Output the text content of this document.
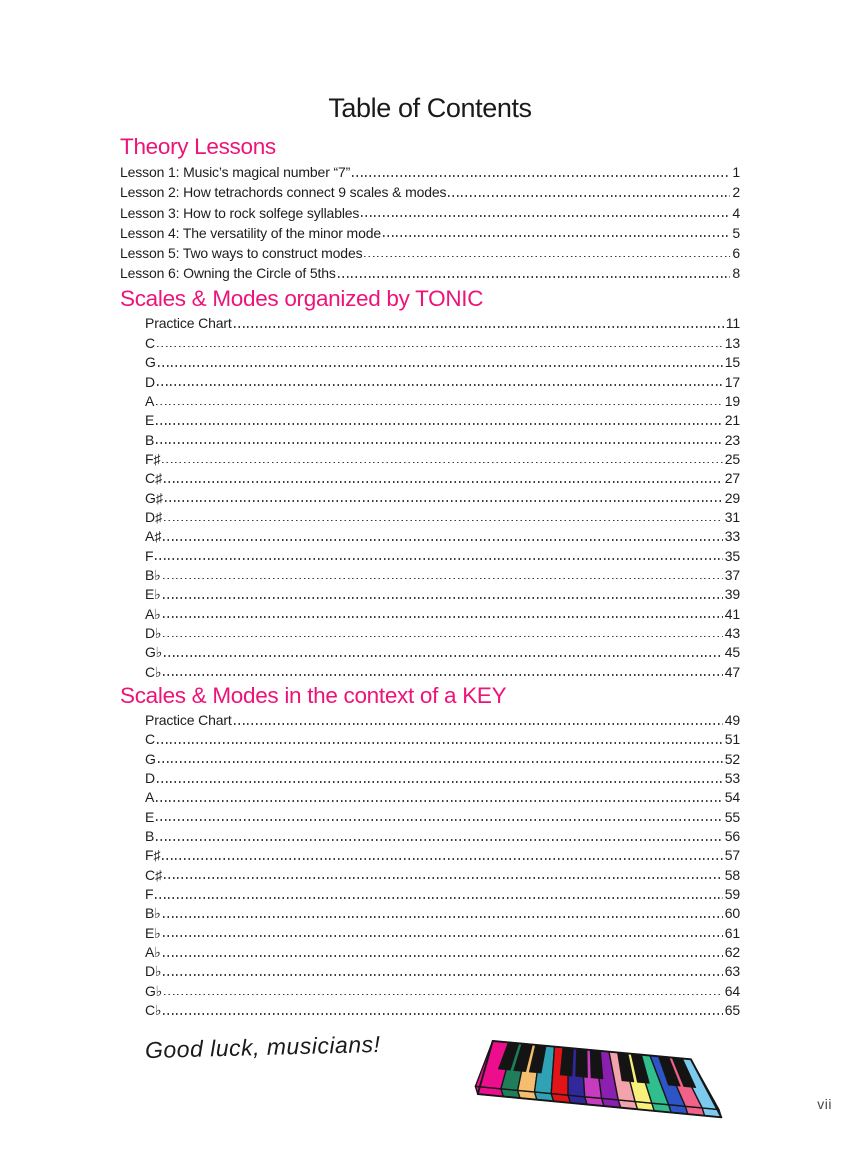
Table of Contents
Theory Lessons
Lesson 1: Music’s magical number “7”	1
Lesson 2: How tetrachords connect 9 scales & modes	2
Lesson 3: How to rock solfege syllables	4
Lesson 4: The versatility of the minor mode	5
Lesson 5: Two ways to construct modes	6
Lesson 6: Owning the Circle of 5ths	8
Scales & Modes organized by TONIC
Practice Chart	11
C	13
G	15
D	17
A	19
E	21
B	23
F♯	25
C♯	27
G♯	29
D♯	31
A♯	33
F	35
B♭	37
E♭	39
A♭	41
D♭	43
G♭	45
C♭	47
Scales & Modes in the context of a KEY
Practice Chart	49
C	51
G	52
D	53
A	54
E	55
B	56
F♯	57
C♯	58
F	59
B♭	60
E♭	61
A♭	62
D♭	63
G♭	64
C♭	65
Good luck, musicians!
vii
